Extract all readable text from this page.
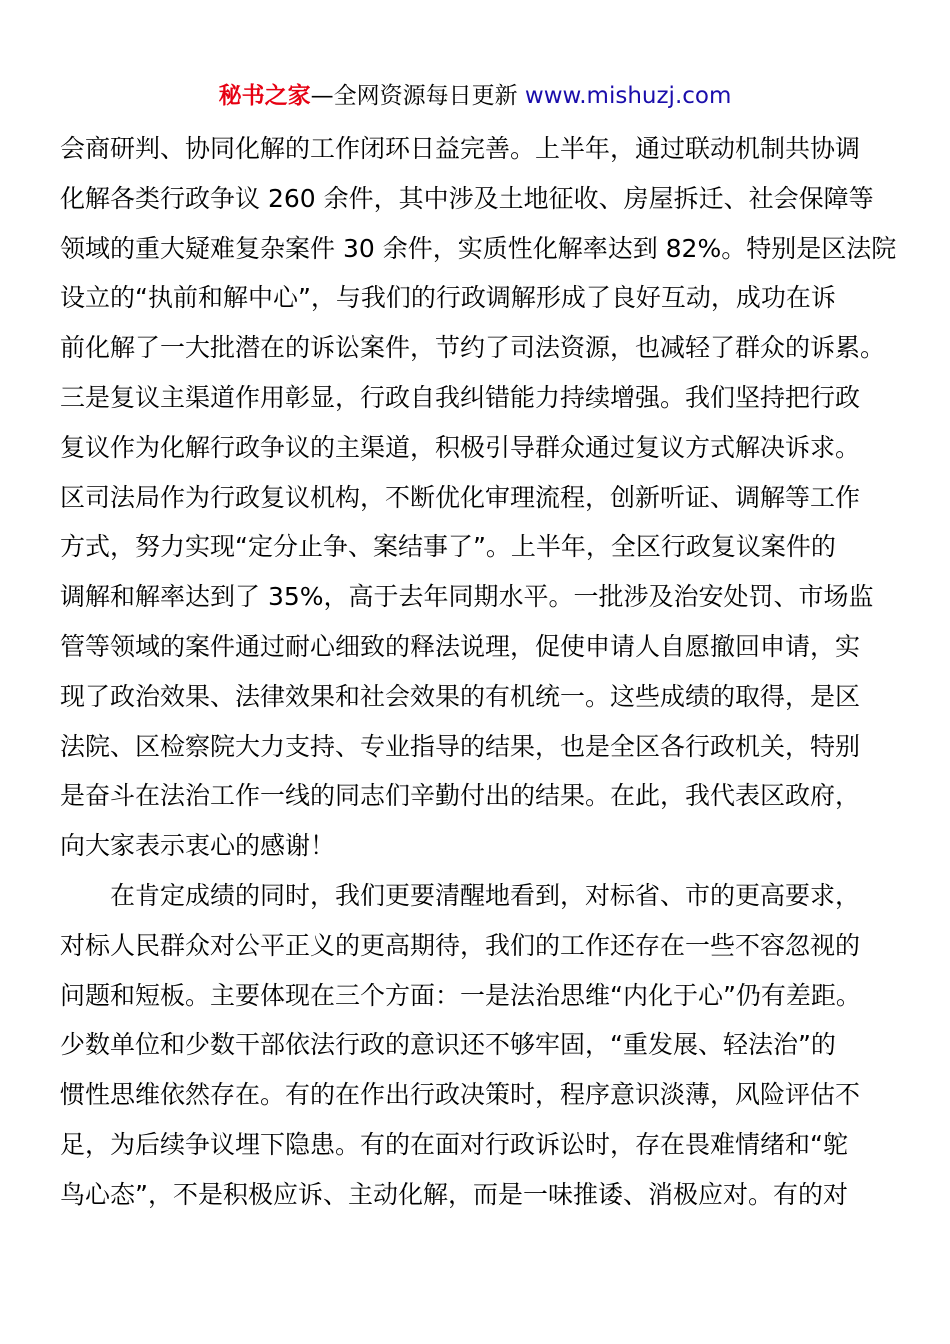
秘书之家—全网资源每日更新 www.mishuzj.com
会商研判、协同化解的工作闭环日益完善。上半年，通过联动机制共协调
化解各类行政争议 260 余件，其中涉及土地征收、房屋拆迁、社会保障等
领域的重大疑难复杂案件 30 余件，实质性化解率达到 82%。特别是区法院
设立的“执前和解中心”，与我们的行政调解形成了良好互动，成功在诉
前化解了一大批潜在的诉讼案件，节约了司法资源，也减轻了群众的诉累。
三是复议主渠道作用彰显，行政自我纠错能力持续增强。我们坚持把行政
复议作为化解行政争议的主渠道，积极引导群众通过复议方式解决诉求。
区司法局作为行政复议机构，不断优化审理流程，创新听证、调解等工作
方式，努力实现“定分止争、案结事了”。上半年，全区行政复议案件的
调解和解率达到了 35%，高于去年同期水平。一批涉及治安处罚、市场监
管等领域的案件通过耐心细致的释法说理，促使申请人自愿撤回申请，实
现了政治效果、法律效果和社会效果的有机统一。这些成绩的取得，是区
法院、区检察院大力支持、专业指导的结果，也是全区各行政机关，特别
是奋斗在法治工作一线的同志们辛勤付出的结果。在此，我代表区政府，
向大家表示衷心的感谢！
在肯定成绩的同时，我们更要清醒地看到，对标省、市的更高要求，
对标人民群众对公平正义的更高期待，我们的工作还存在一些不容忽视的
问题和短板。主要体现在三个方面：一是法治思维“内化于心”仍有差距。
少数单位和少数干部依法行政的意识还不够牢固，“重发展、轻法治”的
惯性思维依然存在。有的在作出行政决策时，程序意识淡薄，风险评估不
足，为后续争议埋下隐患。有的在面对行政诉讼时，存在畏难情绪和“鸵
鸟心态”，不是积极应诉、主动化解，而是一味推诿、消极应对。有的对
